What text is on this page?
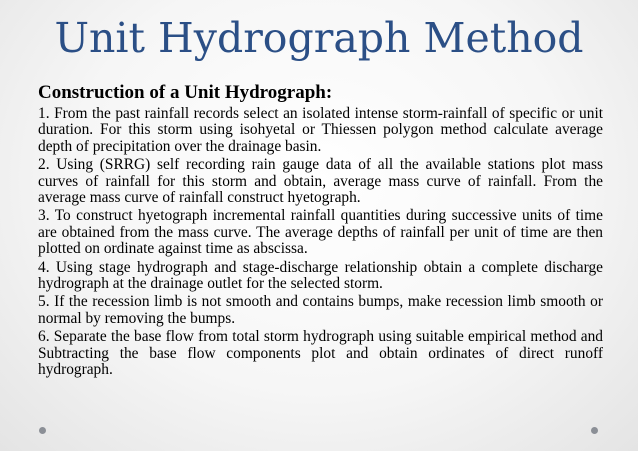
Unit Hydrograph Method

Construction of a Unit Hydrograph:

1. From the past rainfall records select an isolated intense storm-rainfall of specific or unit duration. For this storm using isohyetal or Thiessen polygon method calculate average depth of precipitation over the drainage basin.

2. Using (SRRG) self recording rain gauge data of all the available stations plot mass curves of rainfall for this storm and obtain, average mass curve of rainfall. From the average mass curve of rainfall construct hyetograph.

3. To construct hyetograph incremental rainfall quantities during successive units of time are obtained from the mass curve. The average depths of rainfall per unit of time are then plotted on ordinate against time as abscissa.

4. Using stage hydrograph and stage-discharge relationship obtain a complete discharge hydrograph at the drainage outlet for the selected storm.

5. If the recession limb is not smooth and contains bumps, make recession limb smooth or normal by removing the bumps.

6. Separate the base flow from total storm hydrograph using suitable empirical method and Subtracting the base flow components plot and obtain ordinates of direct runoff hydrograph.
